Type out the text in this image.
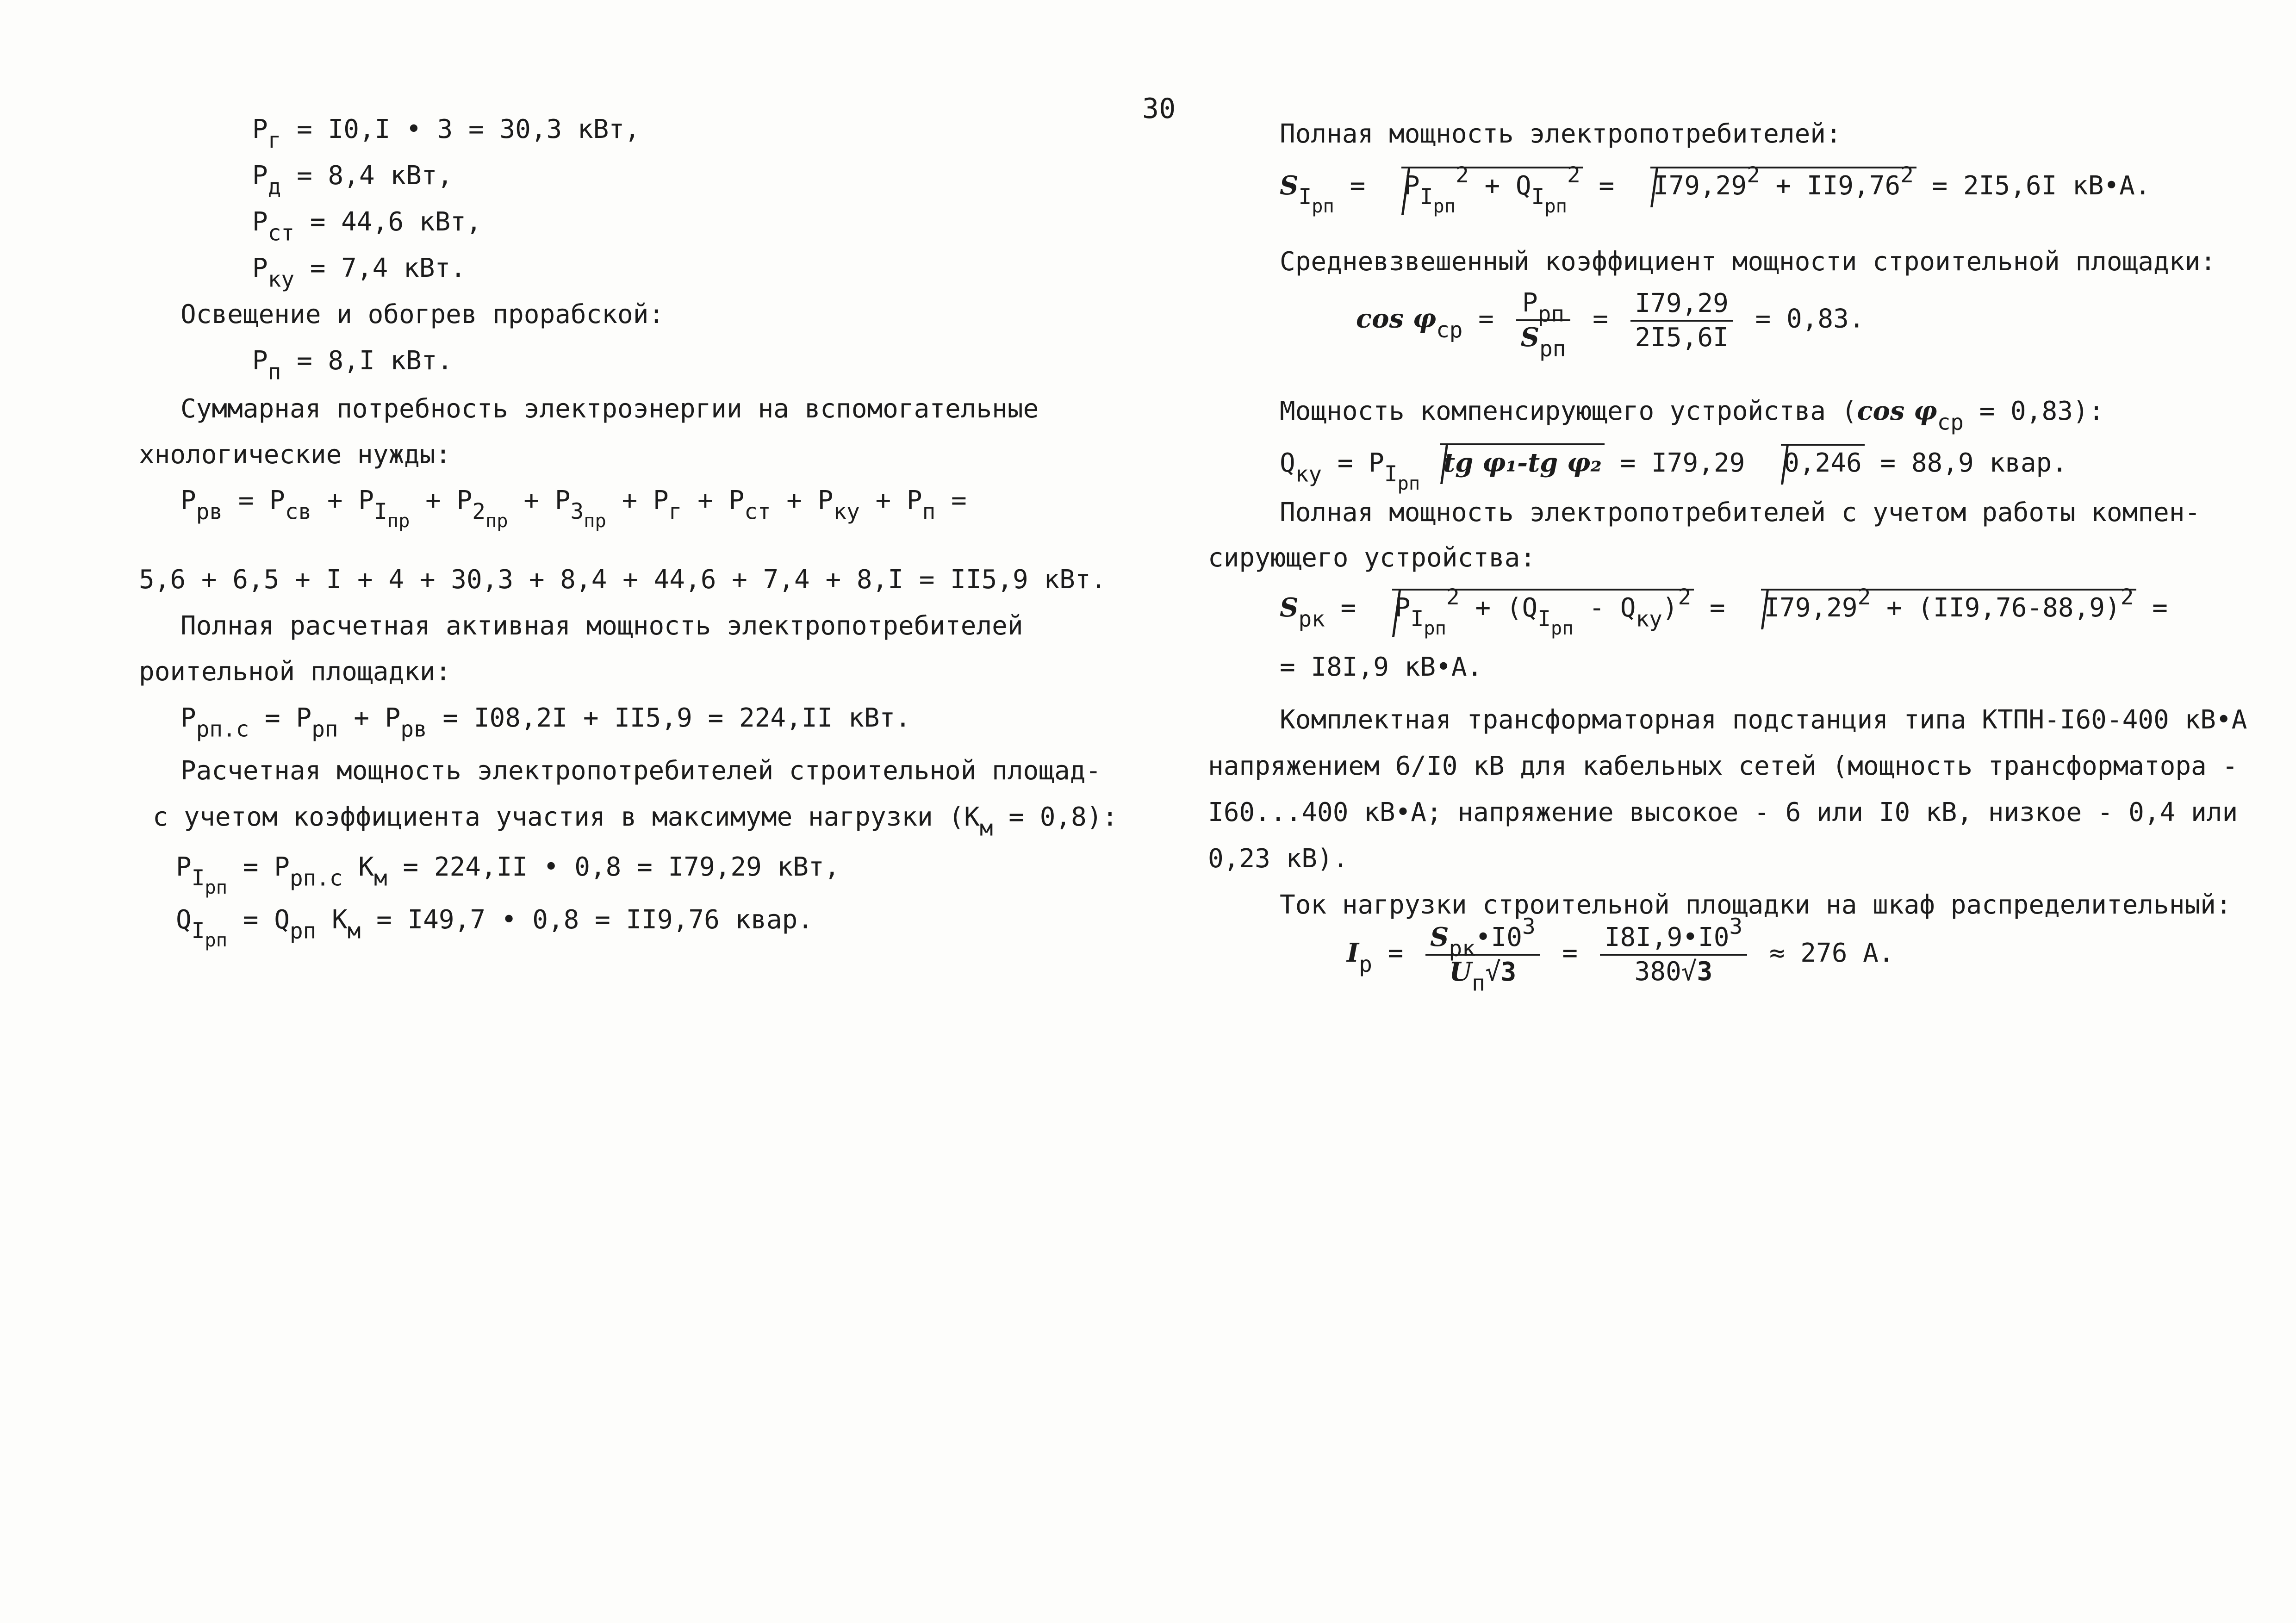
30
$P_г = I0,I$ • 3 = 30,3 кВт,
$P_д = 8,4$ кВт,
$P_{ст} = 44,6$ кВт,
$P_{ку} = 7,4$ кВт.
Освещение и обогрев прорабской:
$P_п = 8,I$ кВт.
Суммарная потребность электроэнергии на вспомогательные
хнологические нужды:
$P_{рв} = P_{св} + P_{I_{пр}} + P_{2_{пр}} + P_{3_{пр}} + P_г + P_{ст} + P_{ку} + P_п$ =
5,6 + 6,5 + I + 4 + 30,3 + 8,4 + 44,6 + 7,4 + 8,I = II5,9 кВт.
Полная расчетная активная мощность электропотребителей
роительной площадки:
$P_{рп.с} = P_{рп} + P_{рв} = I08,2I + II5,9 = 224,II$ кВт.
Расчетная мощность электропотребителей строительной площад-
с учетом коэффициента участия в максимуме нагрузки $(K_м = 0,8)$:
$P_{I_{рп}} = P_{рп.с}$ $K_м = 224,II$ • 0,8 = I79,29 кВт,
$Q_{I_{рп}} = Q_{рп}$ $K_м = I49,7$ • 0,8 = II9,76 квар.
Полная мощность электропотребителей:
$S_{I_{рп}} = P_{I_{рп}}^2 + Q_{I_{рп}}^2 = I79,29^2 + II9,76^2 = 2I5,6I$ кВ•А.
Средневзвешенный коэффициент мощности строительной площадки:
$\cos \varphi_{ср} = \frac{P_{рп}}{S_{рп}} = \frac{I79,29}{2I5,6I} = 0,83$.
Мощность компенсирующего устройства (cos $\varphi_{ср} = 0,83$):
$Q_{ку} = P_{I_{рп}}tg$ φ₁-tg φ₂ = I79,29 0,246 = 88,9 квар.
Полная мощность электропотребителей с учетом работы компен-
сирующего устройства:
$S_{рк} = P_{I_{рп}}^2 + (Q_{I_{рп}} - Q_{ку})^2 = I79,29^2 + (II9,76-88,9)^2$ =
= I8I,9 кВ•A.
Комплектная трансформаторная подстанция типа КТПН-I60-400 кВ•A
напряжением 6/I0 кВ для кабельных сетей (мощность трансформатора -
I60...400 кВ•A; напряжение высокое - 6 или I0 кВ, низкое - 0,4 или
0,23 кВ).
Ток нагрузки строительной площадки на шкаф распределительный:
$I_р = \frac{S_{рк}•I0^3}{U_п√3} = \frac{I8I,9•I0^3}{380√3} \approx 276$ А.
